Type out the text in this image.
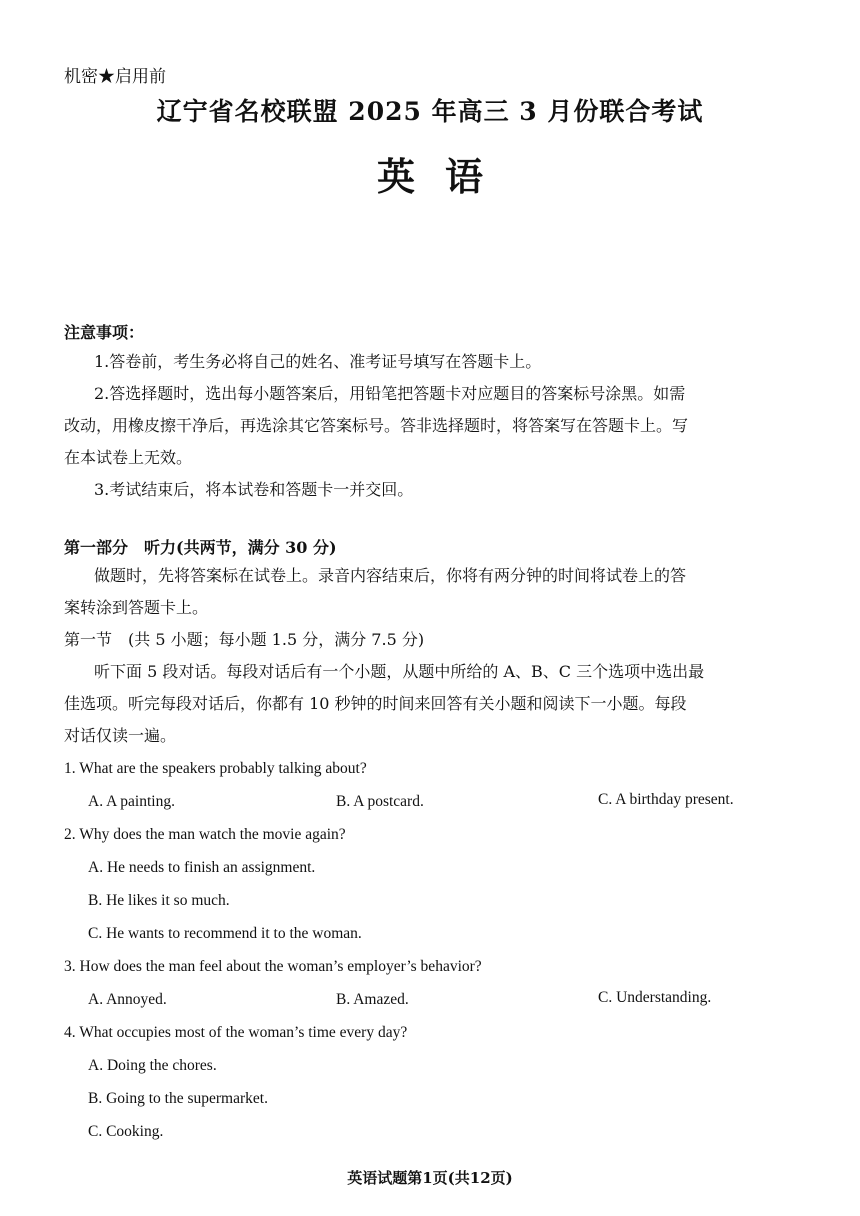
机密★启用前
辽宁省名校联盟 2025 年高三 3 月份联合考试
英语
注意事项：
1.答卷前，考生务必将自己的姓名、准考证号填写在答题卡上。
2.答选择题时，选出每小题答案后，用铅笔把答题卡对应题目的答案标号涂黑。如需
改动，用橡皮擦干净后，再选涂其它答案标号。答非选择题时，将答案写在答题卡上。写
在本试卷上无效。
3.考试结束后，将本试卷和答题卡一并交回。
第一部分　听力(共两节，满分 30 分)
做题时，先将答案标在试卷上。录音内容结束后，你将有两分钟的时间将试卷上的答
案转涂到答题卡上。
第一节　(共 5 小题；每小题 1.5 分，满分 7.5 分)
听下面 5 段对话。每段对话后有一个小题，从题中所给的 A、B、C 三个选项中选出最
佳选项。听完每段对话后，你都有 10 秒钟的时间来回答有关小题和阅读下一小题。每段
对话仅读一遍。
1. What are the speakers probably talking about?
A. A painting.	B. A postcard.	C. A birthday present.
2. Why does the man watch the movie again?
A. He needs to finish an assignment.
B. He likes it so much.
C. He wants to recommend it to the woman.
3. How does the man feel about the woman’s employer’s behavior?
A. Annoyed.	B. Amazed.	C. Understanding.
4. What occupies most of the woman’s time every day?
A. Doing the chores.
B. Going to the supermarket.
C. Cooking.
英语试题第1页(共12页)
